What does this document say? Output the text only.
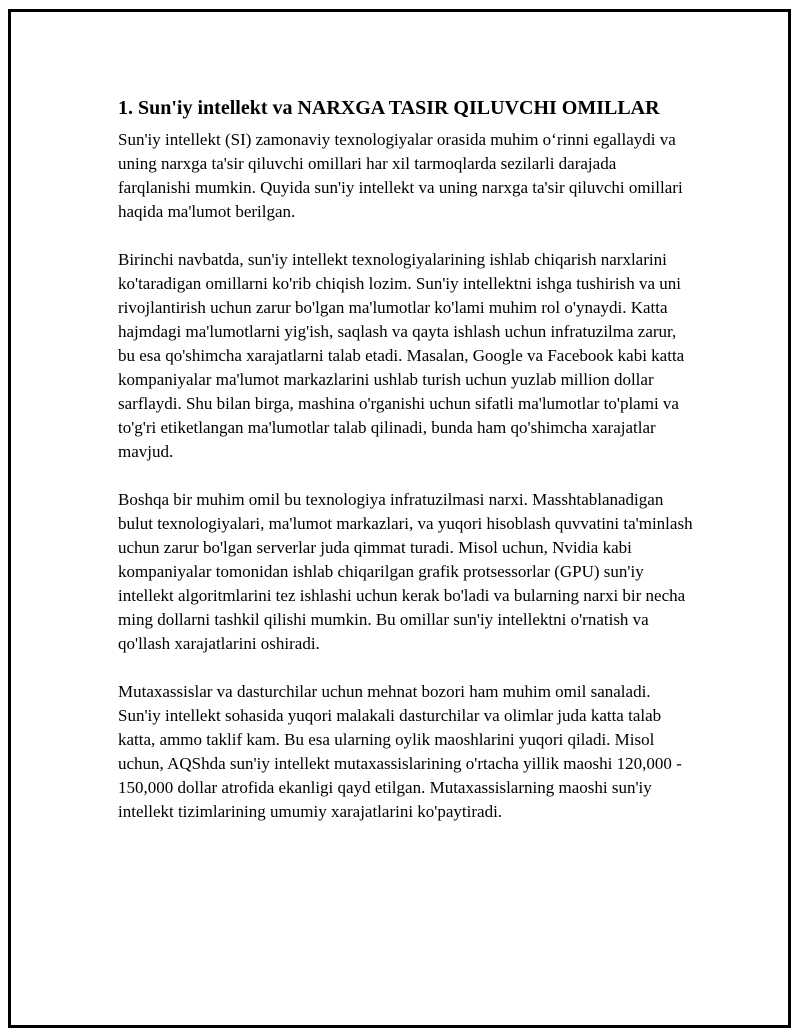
1. Sun'iy intellekt va NARXGA TASIR QILUVCHI OMILLAR

Sun'iy intellekt (SI) zamonaviy texnologiyalar orasida muhim o‘rinni egallaydi va uning narxga ta'sir qiluvchi omillari har xil tarmoqlarda sezilarli darajada farqlanishi mumkin. Quyida sun'iy intellekt va uning narxga ta'sir qiluvchi omillari haqida ma'lumot berilgan.

Birinchi navbatda, sun'iy intellekt texnologiyalarining ishlab chiqarish narxlarini ko'taradigan omillarni ko'rib chiqish lozim. Sun'iy intellektni ishga tushirish va uni rivojlantirish uchun zarur bo'lgan ma'lumotlar ko'lami muhim rol o'ynaydi. Katta hajmdagi ma'lumotlarni yig'ish, saqlash va qayta ishlash uchun infratuzilma zarur, bu esa qo'shimcha xarajatlarni talab etadi. Masalan, Google va Facebook kabi katta kompaniyalar ma'lumot markazlarini ushlab turish uchun yuzlab million dollar sarflaydi. Shu bilan birga, mashina o'rganishi uchun sifatli ma'lumotlar to'plami va to'g'ri etiketlangan ma'lumotlar talab qilinadi, bunda ham qo'shimcha xarajatlar mavjud.

Boshqa bir muhim omil bu texnologiya infratuzilmasi narxi. Masshtablanadigan bulut texnologiyalari, ma'lumot markazlari, va yuqori hisoblash quvvatini ta'minlash uchun zarur bo'lgan serverlar juda qimmat turadi. Misol uchun, Nvidia kabi kompaniyalar tomonidan ishlab chiqarilgan grafik protsessorlar (GPU) sun'iy intellekt algoritmlarini tez ishlashi uchun kerak bo'ladi va bularning narxi bir necha ming dollarni tashkil qilishi mumkin. Bu omillar sun'iy intellektni o'rnatish va qo'llash xarajatlarini oshiradi.

Mutaxassislar va dasturchilar uchun mehnat bozori ham muhim omil sanaladi. Sun'iy intellekt sohasida yuqori malakali dasturchilar va olimlar juda katta talab katta, ammo taklif kam. Bu esa ularning oylik maoshlarini yuqori qiladi. Misol uchun, AQShda sun'iy intellekt mutaxassislarining o'rtacha yillik maoshi 120,000 - 150,000 dollar atrofida ekanligi qayd etilgan. Mutaxassislarning maoshi sun'iy intellekt tizimlarining umumiy xarajatlarini ko'paytiradi.
